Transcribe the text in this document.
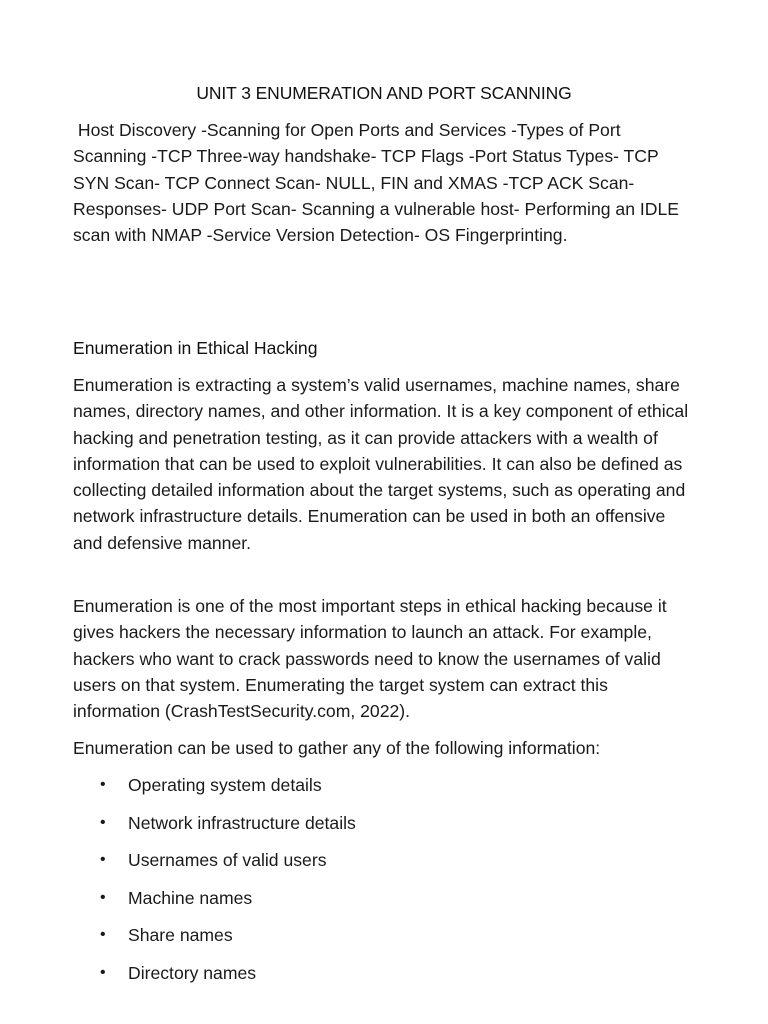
UNIT 3 ENUMERATION AND PORT SCANNING

Host Discovery -Scanning for Open Ports and Services -Types of Port Scanning -TCP Three-way handshake- TCP Flags -Port Status Types- TCP SYN Scan- TCP Connect Scan- NULL, FIN and XMAS -TCP ACK Scan-Responses- UDP Port Scan- Scanning a vulnerable host- Performing an IDLE scan with NMAP -Service Version Detection- OS Fingerprinting.

Enumeration in Ethical Hacking

Enumeration is extracting a system’s valid usernames, machine names, share names, directory names, and other information. It is a key component of ethical hacking and penetration testing, as it can provide attackers with a wealth of information that can be used to exploit vulnerabilities. It can also be defined as collecting detailed information about the target systems, such as operating and network infrastructure details. Enumeration can be used in both an offensive and defensive manner.

Enumeration is one of the most important steps in ethical hacking because it gives hackers the necessary information to launch an attack. For example, hackers who want to crack passwords need to know the usernames of valid users on that system. Enumerating the target system can extract this information (CrashTestSecurity.com, 2022).

Enumeration can be used to gather any of the following information:

• Operating system details
• Network infrastructure details
• Usernames of valid users
• Machine names
• Share names
• Directory names
